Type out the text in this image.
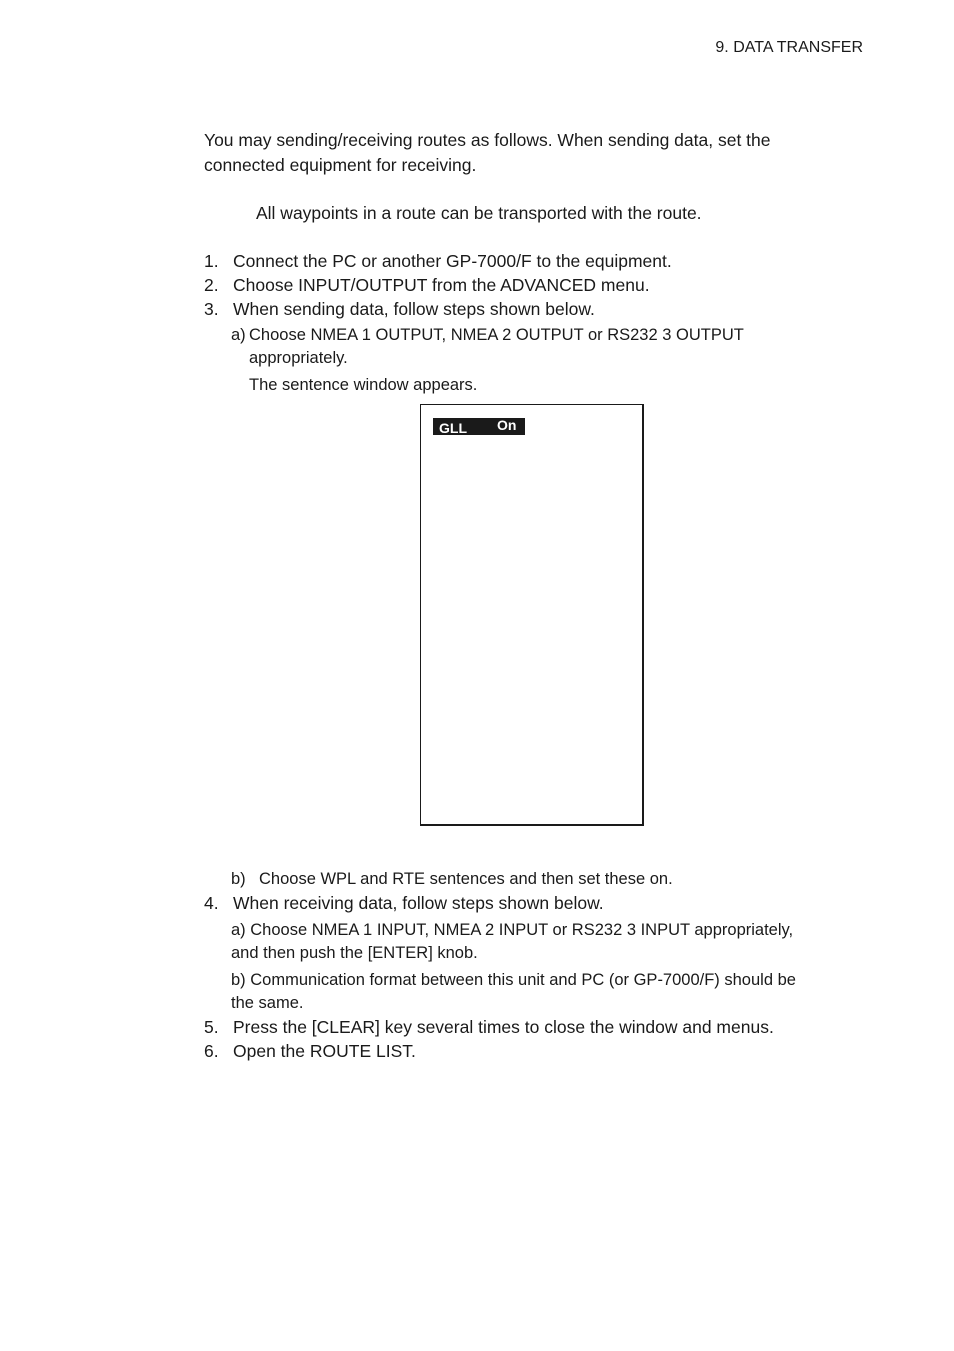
9. DATA TRANSFER
You may sending/receiving routes as follows. When sending data, set the connected equipment for receiving.
All waypoints in a route can be transported with the route.
1. Connect the PC or another GP-7000/F to the equipment.
2. Choose INPUT/OUTPUT from the ADVANCED menu.
3. When sending data, follow steps shown below.
a) Choose NMEA 1 OUTPUT, NMEA 2 OUTPUT or RS232 3 OUTPUT
appropriately.
The sentence window appears.
GLL On
b) Choose WPL and RTE sentences and then set these on.
4. When receiving data, follow steps shown below.
a) Choose NMEA 1 INPUT, NMEA 2 INPUT or RS232 3 INPUT appropriately,
and then push the [ENTER] knob.
b) Communication format between this unit and PC (or GP-7000/F) should be
the same.
5. Press the [CLEAR] key several times to close the window and menus.
6. Open the ROUTE LIST.
